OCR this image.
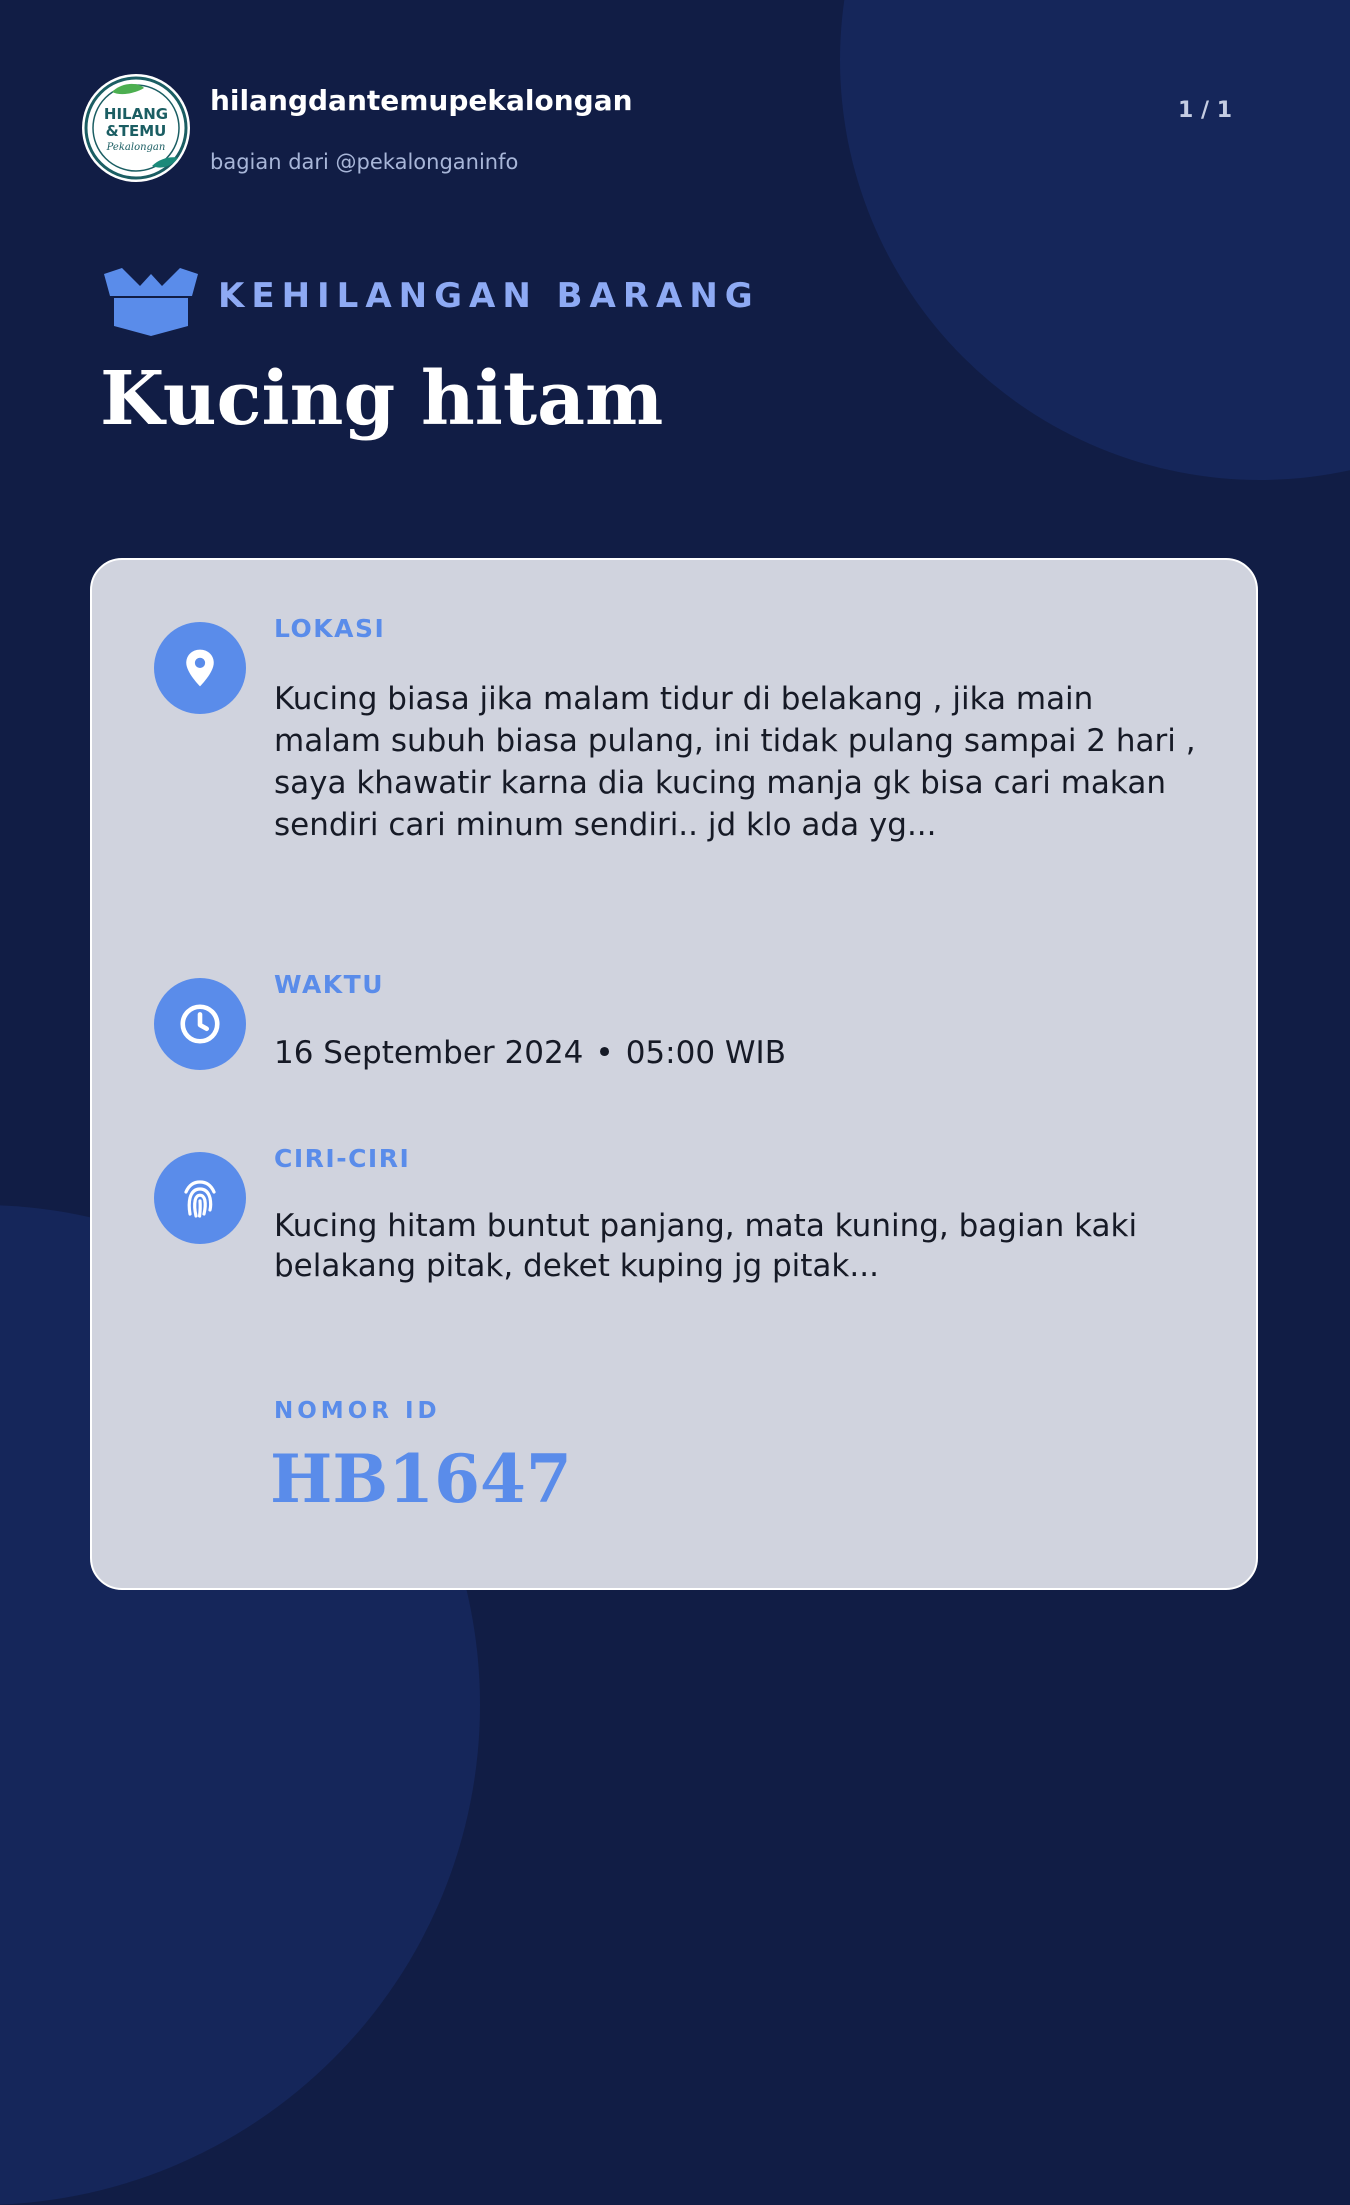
HILANG
&TEMU
Pekalongan
hilangdantemupekalongan
bagian dari @pekalonganinfo
1 / 1
KEHILANGAN BARANG
Kucing hitam
LOKASI
Kucing biasa jika malam tidur di belakang , jika main malam subuh biasa pulang, ini tidak pulang sampai 2 hari , saya khawatir karna dia kucing manja gk bisa cari makan sendiri cari minum sendiri.. jd klo ada yg...
WAKTU
16 September 2024 • 05:00 WIB
CIRI-CIRI
Kucing hitam buntut panjang, mata kuning, bagian kaki belakang pitak, deket kuping jg pitak...
NOMOR ID
HB1647
